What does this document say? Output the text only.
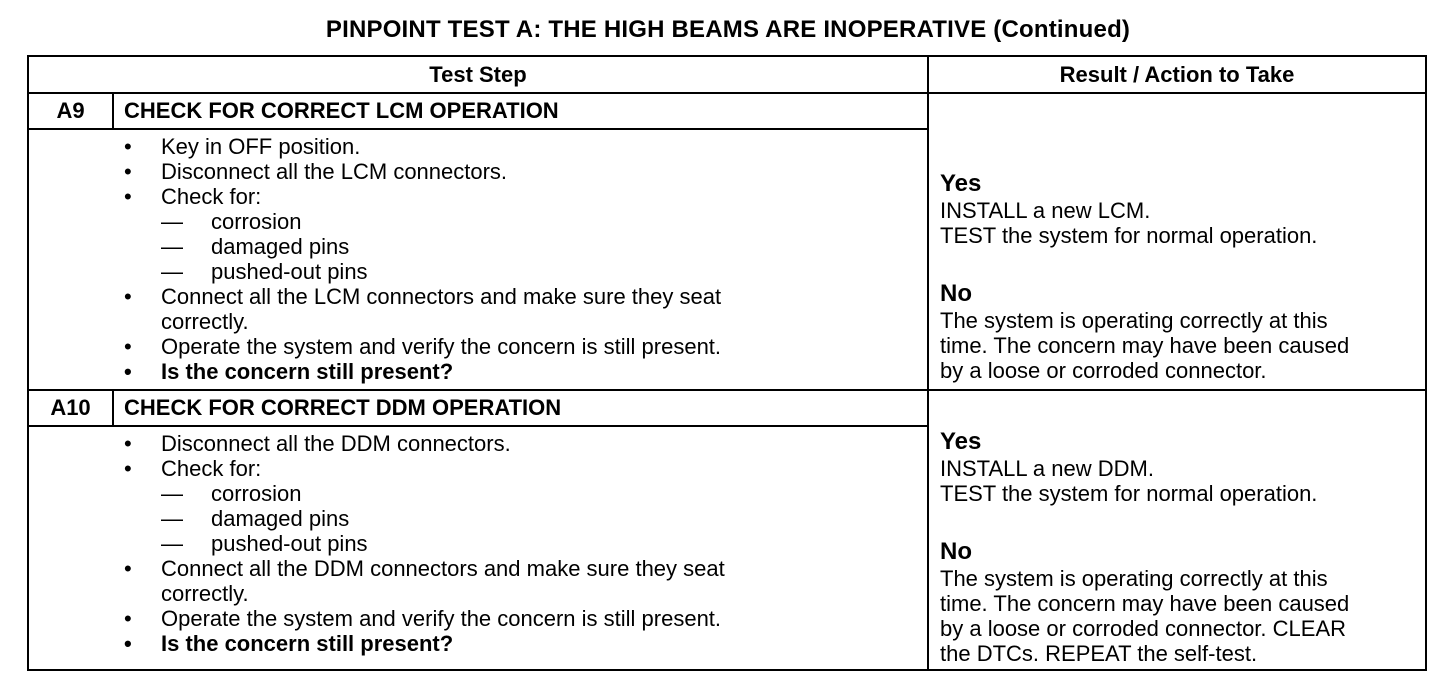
PINPOINT TEST A: THE HIGH BEAMS ARE INOPERATIVE (Continued)
Test Step	Result / Action to Take
A9	CHECK FOR CORRECT LCM OPERATION
• Key in OFF position.
• Disconnect all the LCM connectors.
• Check for:
— corrosion
— damaged pins
— pushed-out pins
• Connect all the LCM connectors and make sure they seat
correctly.
• Operate the system and verify the concern is still present.
• Is the concern still present?
Yes
INSTALL a new LCM.
TEST the system for normal operation.
No
The system is operating correctly at this
time. The concern may have been caused
by a loose or corroded connector.
A10	CHECK FOR CORRECT DDM OPERATION
• Disconnect all the DDM connectors.
• Check for:
— corrosion
— damaged pins
— pushed-out pins
• Connect all the DDM connectors and make sure they seat
correctly.
• Operate the system and verify the concern is still present.
• Is the concern still present?
Yes
INSTALL a new DDM.
TEST the system for normal operation.
No
The system is operating correctly at this
time. The concern may have been caused
by a loose or corroded connector. CLEAR
the DTCs. REPEAT the self-test.
